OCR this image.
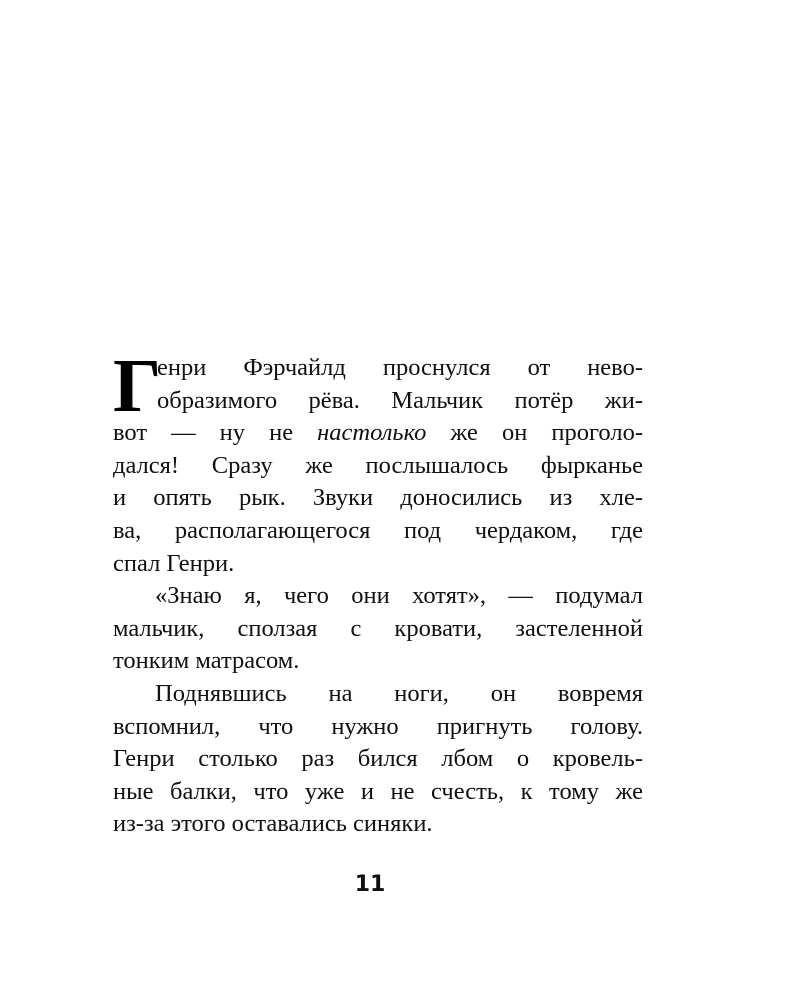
Г
енри Фэрчайлд проснулся от нево-
образимого рёва. Мальчик потёр жи-
вот — ну не настолько же он проголо-
дался! Сразу же послышалось фырканье
и опять рык. Звуки доносились из хле-
ва, располагающегося под чердаком, где
спал Генри.
«Знаю я, чего они хотят», — подумал
мальчик, сползая с кровати, застеленной
тонким матрасом.
Поднявшись на ноги, он вовремя
вспомнил, что нужно пригнуть голову.
Генри столько раз бился лбом о кровель-
ные балки, что уже и не счесть, к тому же
из-за этого оставались синяки.
11
